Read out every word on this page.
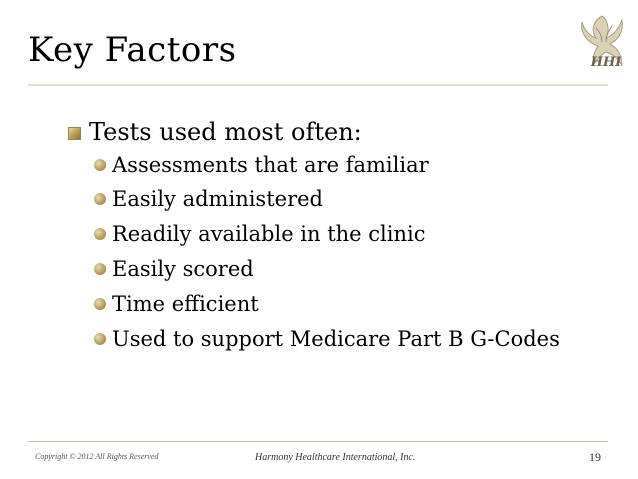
Key Factors	HHI
Tests used most often:
Assessments that are familiar
Easily administered
Readily available in the clinic
Easily scored
Time efficient
Used to support Medicare Part B G-Codes
Copyright © 2012 All Rights Reserved	Harmony Healthcare International, Inc.	19
